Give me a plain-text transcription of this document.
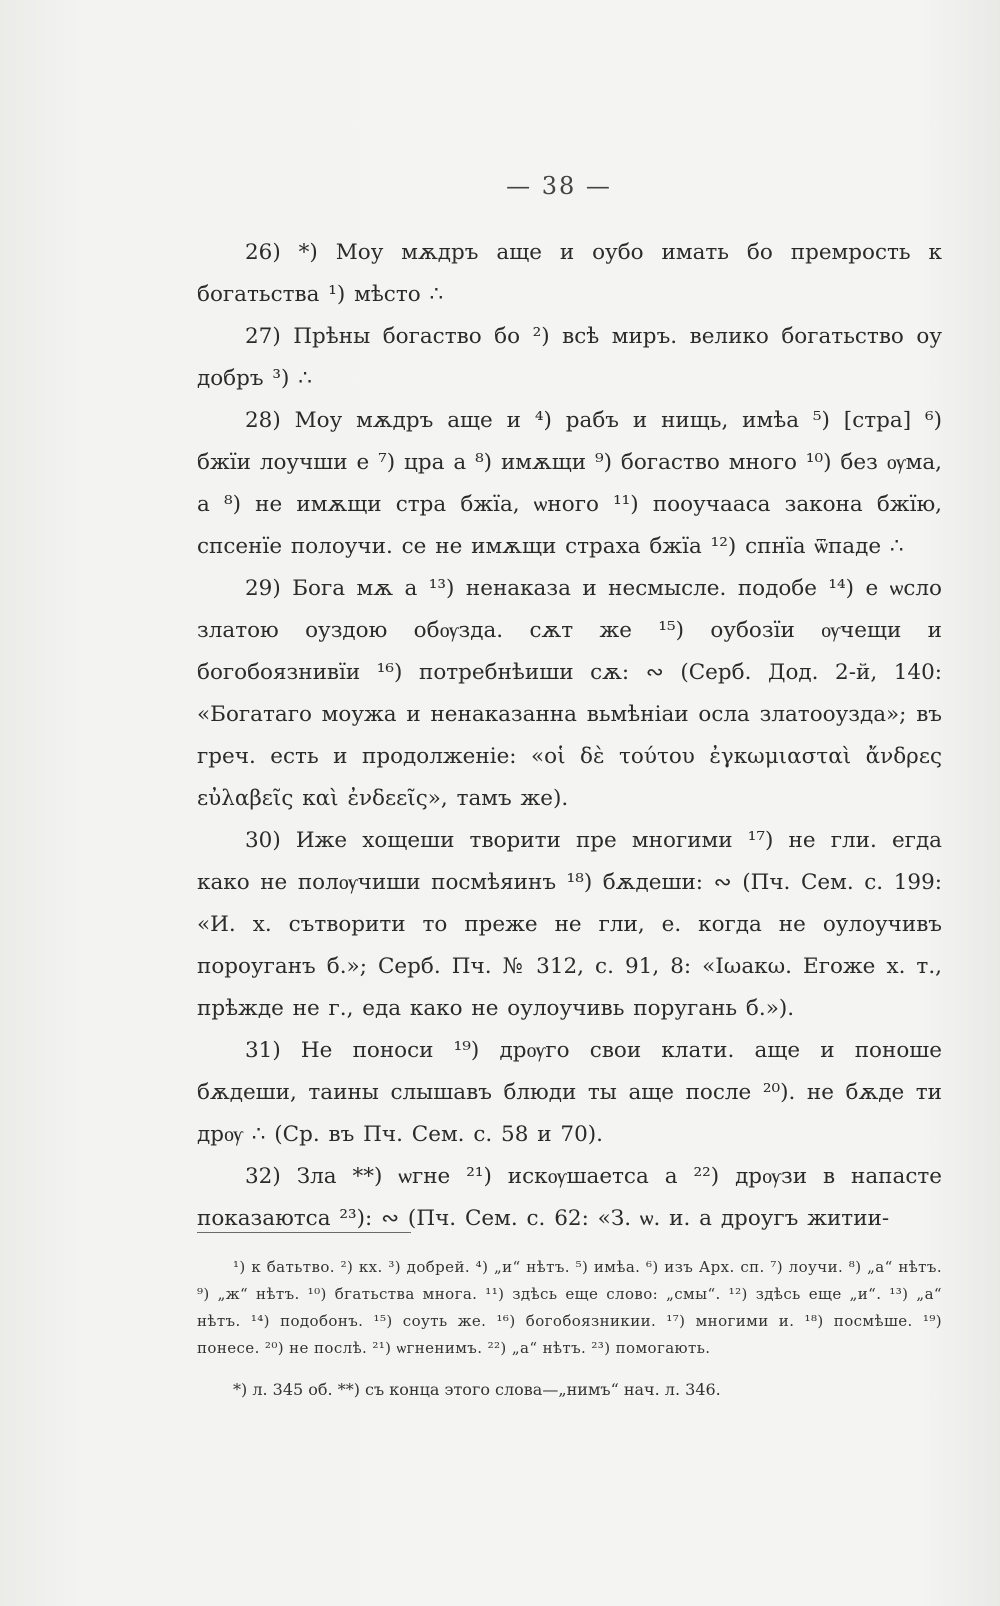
— 38 —

26) *) Моу мѫдръ аще и оубо имать бо премрость к богатьства ¹) мѣсто ∴

27) Прѣны богаство бо ²) всѣ миръ. велико богатьство оу добръ ³) ∴

28) Моу мѫдръ аще и ⁴) рабъ и нищь, имѣа ⁵) [стра] ⁶) бжїи лоучши е ⁷) цра а ⁸) имѫщи ⁹) богаство много ¹⁰) без ѹма, а ⁸) не имѫщи стра бжїа, ѡного ¹¹) пооучааса закона бжїю, спсенїе полоучи. се не имѫщи страха бжїа ¹²) спнїа ѿпаде ∴

29) Бога мѫ а ¹³) ненаказа и несмысле. подобе ¹⁴) е ѡсло златою оуздою обѹзда. сѫт же ¹⁵) оубозїи ѹчещи и богобоязнивїи ¹⁶) потребнѣиши сѫ: ∾ (Серб. Дод. 2-й, 140: «Богатаго моужа и ненаказанна вьмѣнiаи осла златооузда»; въ греч. есть и продолженіе: «οἱ δὲ τούτου ἐγκωμιασταὶ ἄνδρες εὐλαβεῖς καὶ ἐνδεεῖς», тамъ же).

30) Иже хощеши творити пре многими ¹⁷) не гли. егда како не полѹчиши посмѣяинъ ¹⁸) бѫдеши: ∾ (Пч. Сем. с. 199: «И. х. сътворити то преже не гли, е. когда не оулоучивъ пороуганъ б.»; Серб. Пч. № 312, с. 91, 8: «Iωакω. Егоже х. т., прѣжде не г., еда како не оулоучивь поругань б.»).

31) Не поноси ¹⁹) дрѹго свои клати. аще и поноше бѫдеши, таины слышавъ блюди ты аще после ²⁰). не бѫде ти дрѹ ∴ (Ср. въ Пч. Сем. с. 58 и 70).

32) Зла **) ѡгне ²¹) искѹшаетса а ²²) дрѹзи в напасте показаютса ²³): ∾ (Пч. Сем. с. 62: «З. ѡ. и. а дроугъ житии-

¹) к батьтво. ²) кх. ³) добрей. ⁴) „и“ нѣтъ. ⁵) имѣа. ⁶) изъ Арх. сп. ⁷) лоучи. ⁸) „а“ нѣтъ. ⁹) „ж“ нѣтъ. ¹⁰) бгатьства многа. ¹¹) здѣсь еще слово: „смы“. ¹²) здѣсь еще „и“. ¹³) „а“ нѣтъ. ¹⁴) подобонъ. ¹⁵) соуть же. ¹⁶) богобоязникии. ¹⁷) многими и. ¹⁸) посмѣше. ¹⁹) понесе. ²⁰) не послѣ. ²¹) ѡгненимъ. ²²) „а“ нѣтъ. ²³) помогають.

*) л. 345 об. **) съ конца этого слова—„нимъ“ нач. л. 346.
